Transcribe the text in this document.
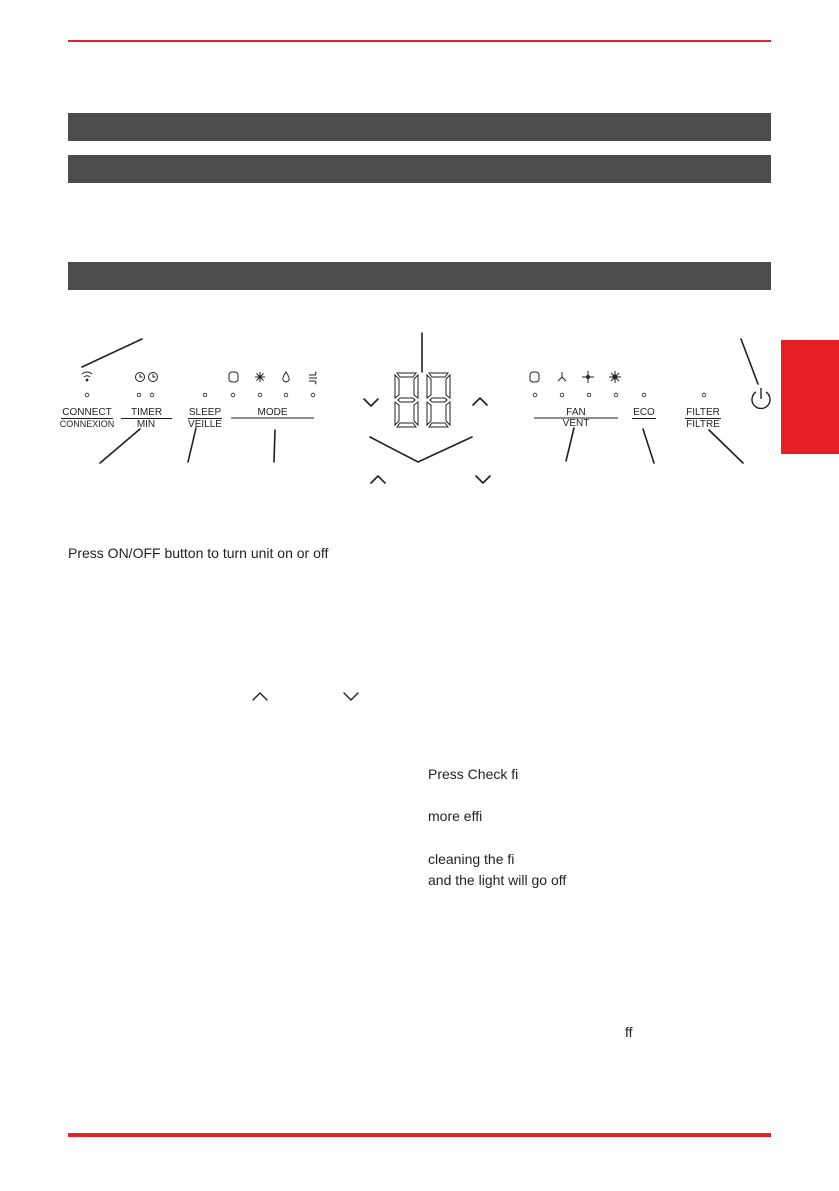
CONNECT
CONNEXION
TIMER
MIN
SLEEP
VEILLE
MODE	FAN
VENT
ECO	FILTER
FILTRE
Press ON/OFF button to turn unit on or off
Press Check fi
more effi
cleaning the fi
and the light will go off
ff
